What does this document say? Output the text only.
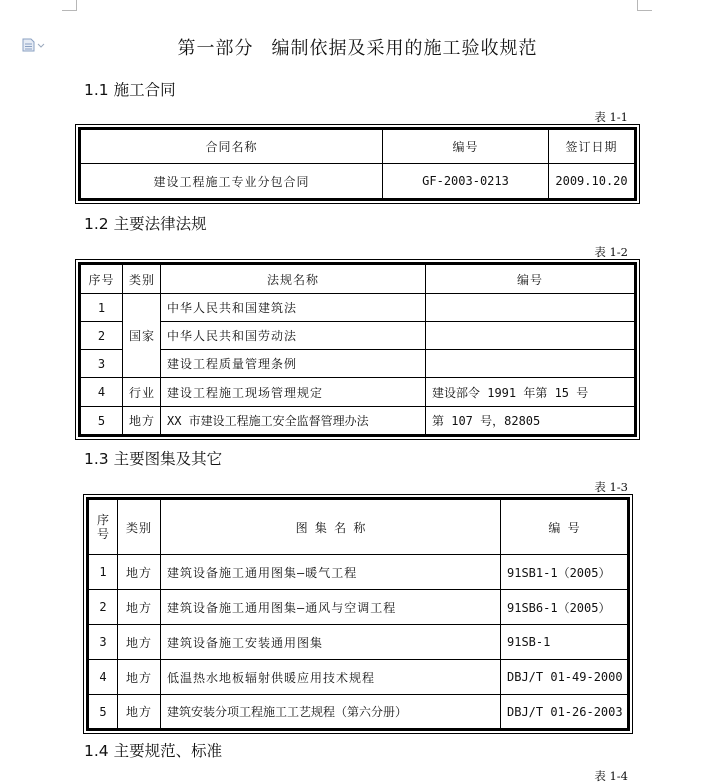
第一部分 编制依据及采用的施工验收规范

1.1 施工合同

表 1-1

合同名称	编号	签订日期
建设工程施工专业分包合同	GF-2003-0213	2009.10.20

1.2 主要法律法规

表 1-2

序号	类别	法规名称	编号
1	国家	中华人民共和国建筑法	
2		中华人民共和国劳动法	
3		建设工程质量管理条例	
4	行业	建设工程施工现场管理规定	建设部令 1991 年第 15 号
5	地方	XX 市建设工程施工安全监督管理办法	第 107 号，82805

1.3 主要图集及其它

表 1-3

序号	类别	图 集 名 称	编 号
1	地方	建筑设备施工通用图集—暖气工程	91SB1-1（2005）
2	地方	建筑设备施工通用图集—通风与空调工程	91SB6-1（2005）
3	地方	建筑设备施工安装通用图集	91SB-1
4	地方	低温热水地板辐射供暖应用技术规程	DBJ/T 01-49-2000
5	地方	建筑安装分项工程施工工艺规程（第六分册）	DBJ/T 01-26-2003

1.4 主要规范、标准

表 1-4
